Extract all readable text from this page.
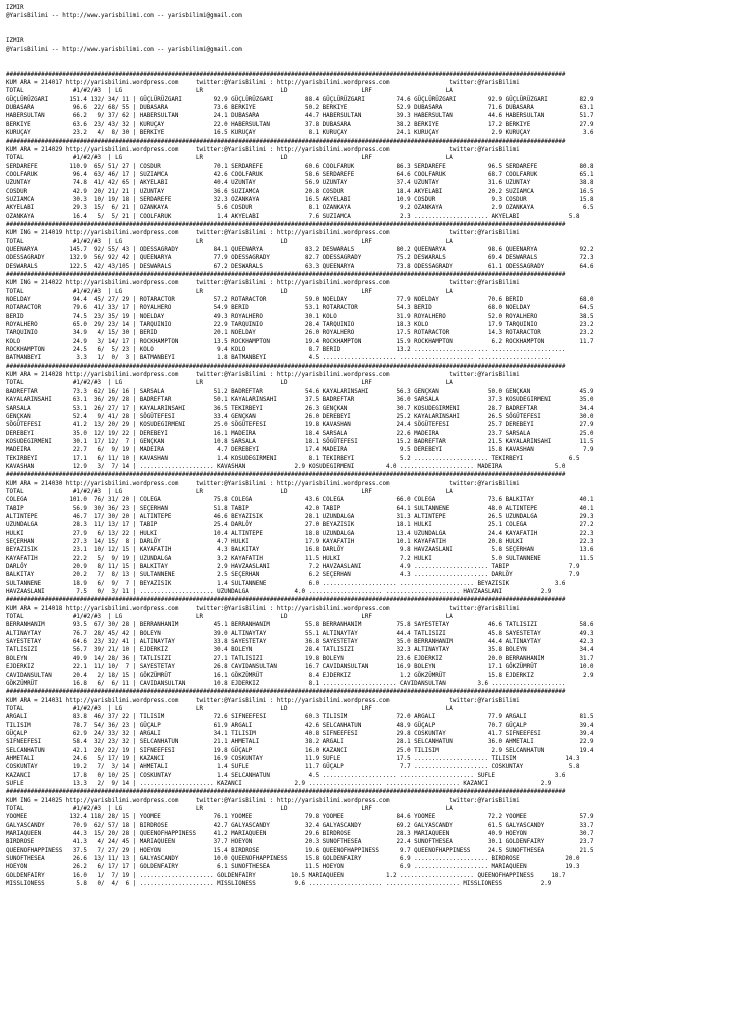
IZMIR
@YarisBilimi -- http://www.yarisbilimi.com -- yarisbilimi@gmail.com
IZMIR
@YarisBilimi -- http://www.yarisbilimi.com -- yarisbilimi@gmail.com
###############################################################################################################################################################
KUM ARA = 214017 http://yarisbilimi.wordpress.com     twitter:@YarisBilimi : http://yarisbilimi.wordpress.com                 twitter:@YarisBilimi
TOTAL              #1/#2/#3  | LG                     LR                      LD                     LRF                     LA
GÜÇLÜRÜZGARI      151.4 132/ 34/ 11 | GÜÇLÜRÜZGARI         92.9 GÜÇLÜRÜZGARI         88.4 GÜÇLÜRÜZGARI         74.6 GÜÇLÜRÜZGARI         92.9 GÜÇLÜRÜZGARI         82.9
DUBASARA           96.6  22/ 68/ 55 | DUBASARA             73.6 BERKIYE              50.2 BERKIYE              52.9 DUBASARA             71.6 DUBASARA             63.1
HABERSULTAN        66.2   9/ 37/ 62 | HABERSULTAN          24.1 DUBASARA             44.7 HABERSULTAN          39.3 HABERSULTAN          44.6 HABERSULTAN          51.7
BERKIYE            63.6  23/ 43/ 32 | KURUÇAY              22.0 HABERSULTAN          37.8 DUBASARA             38.2 BERKIYE              17.2 BERKIYE              27.9
KURUÇAY            23.2   4/  8/ 30 | BERKIYE              16.5 KURUÇAY               8.1 KURUÇAY              24.1 KURUÇAY               2.9 KURUÇAY               3.6
###############################################################################################################################################################
KUM ARA = 214029 http://yarisbilimi.wordpress.com     twitter:@YarisBilimi : http://yarisbilimi.wordpress.com                 twitter:@YarisBilimi
TOTAL              #1/#2/#3  | LG                     LR                      LD                     LRF                     LA
SERDAREFE         110.9  65/ 51/ 27 | COSDUR               70.1 SERDAREFE            60.6 COOLFARUK            86.3 SERDAREFE            96.5 SERDAREFE            80.8
COOLFARUK          96.4  63/ 46/ 17 | SUZIAMCA             42.6 COOLFARUK            58.6 SERDAREFE            64.6 COOLFARUK            68.7 COOLFARUK            65.1
UZUNTAY            74.8  41/ 42/ 65 | AKYELABI             40.4 UZUNTAY              56.9 UZUNTAY              37.4 UZUNTAY              31.6 UZUNTAY              38.8
COSDUR             42.9  20/ 21/ 21 | UZUNTAY              36.6 SUZIAMCA             20.8 COSDUR               18.4 AKYELABI             20.2 SUZIAMCA             16.5
SUZIAMCA           30.3  10/ 19/ 18 | SERDAREFE            32.3 OZANKAYA             16.5 AKYELABI             10.9 COSDUR                9.3 COSDUR               15.8
AKYELABI           29.3  15/  6/ 21 | OZANKAYA              5.6 COSDUR                8.1 OZANKAYA              9.2 OZANKAYA              2.9 OZANKAYA              6.5
OZANKAYA           16.4   5/  5/ 21 | COOLFARUK             1.4 AKYELABI              7.6 SUZIAMCA              2.3 ..................... AKYELABI              5.8
###############################################################################################################################################################
KUM ING = 214019 http://yarisbilimi.wordpress.com     twitter:@YarisBilimi : http://yarisbilimi.wordpress.com                 twitter:@YarisBilimi
TOTAL              #1/#2/#3  | LG                     LR                      LD                     LRF                     LA
QUEENARYA         145.7  92/ 55/ 43 | ODESSAGRADY          84.1 QUEENARYA            83.2 DESWARALS            80.2 QUEENARYA            98.6 QUEENARYA            92.2
ODESSAGRADY       132.9  56/ 92/ 42 | QUEENARYA            77.9 ODESSAGRADY          82.7 ODESSAGRADY          75.2 DESWARALS            69.4 DESWARALS            72.3
DESWARALS         122.5  42/ 43/105 | DESWARALS            67.2 DESWARALS            63.3 QUEENARYA            73.8 ODESSAGRADY          61.1 ODESSAGRADY          64.6
###############################################################################################################################################################
KUM ING = 214022 http://yarisbilimi.wordpress.com     twitter:@YarisBilimi : http://yarisbilimi.wordpress.com                 twitter:@YarisBilimi
TOTAL              #1/#2/#3  | LG                     LR                      LD                     LRF                     LA
NOELDAY            94.4  45/ 27/ 29 | ROTARACTOR           57.2 ROTARACTOR           59.0 NOELDAY              77.9 NOELDAY              70.6 BERID                68.0
ROTARACTOR         79.6  41/ 33/ 17 | ROYALHERO            54.9 BERID                53.1 ROTARACTOR           54.3 BERID                68.0 NOELDAY              64.5
BERID              74.5  23/ 35/ 19 | NOELDAY              49.3 ROYALHERO            30.1 KOLO                 31.9 ROYALHERO            52.0 ROYALHERO            38.5
ROYALHERO          65.0  29/ 23/ 14 | TARQUINIO            22.9 TARQUINIO            28.4 TARQUINIO            18.3 KOLO                 17.9 TARQUINIO            23.2
TARQUINIO          34.9   4/ 15/ 30 | BERID                20.1 NOELDAY              26.0 ROYALHERO            17.5 ROTARACTOR           14.3 ROTARACTOR           23.2
KOLO               24.9   3/ 14/ 17 | ROCKHAMPTON          13.5 ROCKHAMPTON          19.4 ROCKHAMPTON          15.9 ROCKHAMPTON           6.2 ROCKHAMPTON          11.7
ROCKHAMPTON        24.5   6/  5/ 23 | KOLO                  9.4 KOLO                  8.7 BERID                13.2 ..................... .....................
BATMANBEYI          3.3   1/  0/  3 | BATMANBEYI            1.8 BATMANBEYI            4.5 ..................... ..................... .....................
###############################################################################################################################################################
KUM ARA = 214028 http://yarisbilimi.wordpress.com     twitter:@YarisBilimi : http://yarisbilimi.wordpress.com                 twitter:@YarisBilimi
TOTAL              #1/#2/#3  | LG                     LR                      LD                     LRF                     LA
BADREFTAR          73.3  62/ 16/ 16 | SARSALA              51.2 BADREFTAR            54.6 KAYALARINSAHI        56.3 GENÇKAN              50.0 GENÇKAN              45.9
KAYALARINSAHI      63.1  36/ 29/ 28 | BADREFTAR            50.1 KAYALARINSAHI        37.5 BADREFTAR            36.0 SARSALA              37.3 KOSUDEGIRMENI        35.0
SARSALA            53.1  26/ 27/ 17 | KAYALARINSAHI        36.5 TEKIRBEYI            26.3 GENÇKAN              30.7 KOSUDEGIRMENI        28.7 BADREFTAR            34.4
GENÇKAN            52.4   9/ 41/ 28 | SÖGÜTEFESI           33.4 GENÇKAN              26.0 DEREBEYI             25.2 KAYALARINSAHI        26.5 SÖGÜTEFESI           30.0
SÖGÜTEFESI         41.2  13/ 20/ 29 | KOSUDEGIRMENI        25.0 SÖGÜTEFESI           19.8 KAVASHAN             24.4 SÖGÜTEFESI           25.7 DEREBEYI             27.9
DEREBEYI           35.0  12/ 19/ 22 | DEREBEYI             16.1 MADEIRA              18.4 SARSALA              22.6 MADEIRA              23.7 SARSALA              25.0
KOSUDEGIRMENI      30.1  17/ 12/  7 | GENÇKAN              10.8 SARSALA              18.1 SÖGÜTEFESI           15.2 BADREFTAR            21.5 KAYALARINSAHI        11.5
MADEIRA            22.7   6/  9/ 19 | MADEIRA               4.7 DEREBEYI             17.4 MADEIRA               9.5 DEREBEYI             15.8 KAVASHAN              7.9
TEKIRBEYI          17.1   6/ 11/ 10 | KAVASHAN              1.4 KOSUDEGIRMENI         8.1 TEKIRBEYI             5.2 ..................... TEKIRBEYI             6.5
KAVASHAN           12.9   3/  7/ 14 | ..................... KAVASHAN              2.9 KOSUDEGIRMENI         4.0 ..................... MADEIRA               5.0
###############################################################################################################################################################
KUM ARA = 214030 http://yarisbilimi.wordpress.com     twitter:@YarisBilimi : http://yarisbilimi.wordpress.com                 twitter:@YarisBilimi
TOTAL              #1/#2/#3  | LG                     LR                      LD                     LRF                     LA
COLEGA            101.0  76/ 31/ 20 | COLEGA               75.8 COLEGA               43.6 COLEGA               66.0 COLEGA               73.6 BALKITAY             40.1
TABIP              56.9  30/ 36/ 23 | SEÇERHAN             51.8 TABIP                42.0 TABIP                64.1 SULTANNENE           48.0 ALTINTEPE            40.1
ALTINTEPE          46.7  17/ 30/ 20 | ALTINTEPE            46.6 BEYAZISIK            28.1 UZUNDALGA            31.3 ALTINTEPE            26.5 UZUNDALGA            29.3
UZUNDALGA          28.3  11/ 13/ 17 | TABIP                25.4 DARLÖY               27.0 BEYAZISIK            18.1 HULKI                25.1 COLEGA               27.2
HULKI              27.9   6/ 13/ 22 | HULKI                10.4 ALTINTEPE            18.8 UZUNDALGA            13.4 UZUNDALGA            24.4 KAYAFATIH            22.3
SEÇERHAN           27.3  14/ 15/  8 | DARLÖY                4.7 HULKI                17.9 KAYAFATIH            10.1 KAYAFATIH            20.8 HULKI                22.3
BEYAZISIK          23.1  10/ 12/ 15 | KAYAFATIH             4.3 BALKITAY             16.8 DARLÖY                9.8 HAVZAASLANI           5.8 SEÇERHAN             13.6
KAYAFATIH          22.2   5/  9/ 19 | UZUNDALGA             3.2 KAYAFATIH            11.5 HULKI                 7.2 HULKI                 5.0 SULTANNENE           11.5
DARLÖY             20.9   8/ 11/ 15 | BALKITAY              2.9 HAVZAASLANI           7.2 HAVZAASLANI           4.9 ..................... TABIP                 7.9
BALKITAY           20.2   7/  8/ 13 | SULTANNENE            2.5 SEÇERHAN              6.2 SEÇERHAN              4.3 ..................... DARLÖY                7.9
SULTANNENE         18.9   6/  9/  7 | BEYAZISIK             1.4 SULTANNENE            6.0 ..................... ..................... BEYAZISIK             3.6
HAVZAASLANI         7.5   0/  3/ 11 | ..................... UZUNDALGA             4.0 ..................... ..................... HAVZAASLANI           2.9
###############################################################################################################################################################
KUM ARA = 214018 http://yarisbilimi.wordpress.com     twitter:@YarisBilimi : http://yarisbilimi.wordpress.com                 twitter:@YarisBilimi
TOTAL              #1/#2/#3  | LG                     LR                      LD                     LRF                     LA
BERRANHANIM        93.5  67/ 30/ 28 | BERRANHANIM          45.1 BERRANHANIM          55.8 BERRANHANIM          75.8 SAYESTETAY           46.6 TATLISIZI            58.6
ALTINAYTAY         76.7  28/ 45/ 42 | BOLEYN               39.0 ALTINAYTAY           55.1 ALTINAYTAY           44.4 TATLISIZI            45.8 SAYESTETAY           49.3
SAYESTETAY         64.6  23/ 32/ 41 | ALTINAYTAY           33.8 SAYESTETAY           36.8 SAYESTETAY           35.0 BERRANHANIM          44.4 ALTINAYTAY           42.3
TATLISIZI          56.7  39/ 21/ 10 | EJDERKIZ             30.4 BOLEYN               28.4 TATLISIZI            32.3 ALTINAYTAY           35.8 BOLEYN               34.4
BOLEYN             49.9  14/ 28/ 36 | TATLISIZI            27.1 TATLISIZI            19.8 BOLEYN               23.6 EJDERKIZ             20.0 BERRANHANIM          31.7
EJDERKIZ           22.1  11/ 10/  7 | SAYESTETAY           26.8 CAVIDANSULTAN        16.7 CAVIDANSULTAN        16.9 BOLEYN               17.1 GÖKZÜMRÜT            10.0
CAVIDANSULTAN      20.4   2/ 18/ 15 | GÖKZÜMRÜT            16.1 GÖKZÜMRÜT             8.4 EJDERKIZ              1.2 GÖKZÜMRÜT            15.8 EJDERKIZ              2.9
GÖKZÜMRÜT          16.8   6/  6/ 11 | CAVIDANSULTAN        10.8 EJDERKIZ              8.1 ..................... CAVIDANSULTAN         3.6 .....................
###############################################################################################################################################################
KUM ARA = 214031 http://yarisbilimi.wordpress.com     twitter:@YarisBilimi : http://yarisbilimi.wordpress.com                 twitter:@YarisBilimi
TOTAL              #1/#2/#3  | LG                     LR                      LD                     LRF                     LA
ARGALI             83.8  46/ 37/ 22 | TILISIM              72.6 SIFNEEFESI           60.3 TILISIM              72.0 ARGALI               77.9 ARGALI               81.5
TILISIM            78.7  54/ 36/ 23 | GÜÇALP               61.9 ARGALI               42.6 SELCANHATUN          48.9 GÜÇALP               70.7 GÜÇALP               39.4
GÜÇALP             62.9  24/ 33/ 32 | ARGALI               34.1 TILISIM              40.8 SIFNEEFESI           29.8 COSKUNTAY            41.7 SIFNEEFESI           39.4
SIFNEEFESI         58.4  32/ 23/ 32 | SELCANHATUN          21.1 AHMETALI             38.2 ARGALI               28.1 SELCANHATUN          36.0 AHMETALI             22.9
SELCANHATUN        42.1  20/ 22/ 19 | SIFNEEFESI           19.8 GÜÇALP               16.0 KAZANCI              25.0 TILISIM               2.9 SELCANHATUN          19.4
AHMETALI           24.6   5/ 17/ 19 | KAZANCI              16.9 COSKUNTAY            11.9 SUFLE                17.5 ..................... TILISIM              14.3
COSKUNTAY          19.2   7/  3/ 14 | AHMETALI              1.4 SUFLE                11.7 GÜÇALP                7.7 ..................... COSKUNTAY             5.8
KAZANCI            17.8   0/ 10/ 25 | COSKUNTAY             1.4 SELCANHATUN           4.5 ..................... ..................... SUFLE                 3.6
SUFLE              13.3   2/  9/ 14 | ..................... KAZANCI               2.9 ..................... ..................... KAZANCI               2.9
###############################################################################################################################################################
KUM ING = 214025 http://yarisbilimi.wordpress.com     twitter:@YarisBilimi : http://yarisbilimi.wordpress.com                 twitter:@YarisBilimi
TOTAL              #1/#2/#3  | LG                     LR                      LD                     LRF                     LA
YOOMEE            132.4 118/ 28/ 15 | YOOMEE               76.1 YOOMEE               79.8 YOOMEE               84.6 YOOMEE               72.2 YOOMEE               57.9
GALYASCANDY        70.9  62/ 57/ 18 | BIRDROSE             42.7 GALYASCANDY          32.4 GALYASCANDY          69.2 GALYASCANDY          61.5 GALYASCANDY          33.7
MARIAQUEEN         44.3  15/ 20/ 28 | QUEENOFHAPPINESS     41.2 MARIAQUEEN           29.6 BIRDROSE             28.3 MARIAQUEEN           40.9 HOEYON               30.7
BIRDROSE           41.3   4/ 24/ 45 | MARIAQUEEN           37.7 HOEYON               20.3 SUNOFTHESEA          22.4 SUNOFTHESEA          30.1 GOLDENFAIRY          23.7
QUEENOFHAPPINESS   37.5   7/ 27/ 29 | HOEYON               15.4 BIRDROSE             19.6 QUEENOFHAPPINESS      9.7 QUEENOFHAPPINESS     24.5 SUNOFTHESEA          21.5
SUNOFTHESEA        26.6  13/ 11/ 13 | GALYASCANDY          10.0 QUEENOFHAPPINESS     15.8 GOLDENFAIRY           6.9 ..................... BIRDROSE             20.0
HOEYON             26.2   6/ 17/ 17 | GOLDENFAIRY           6.1 SUNOFTHESEA          11.5 HOEYON                6.9 ..................... MARIAQUEEN           19.3
GOLDENFAIRY        16.0   1/  7/ 19 | ..................... GOLDENFAIRY          10.5 MARIAQUEEN            1.2 ..................... QUEENOFHAPPINESS     18.7
MISSLIONESS         5.8   0/  4/  6 | ..................... MISSLIONESS           9.6 ..................... ..................... MISSLIONESS           2.9
